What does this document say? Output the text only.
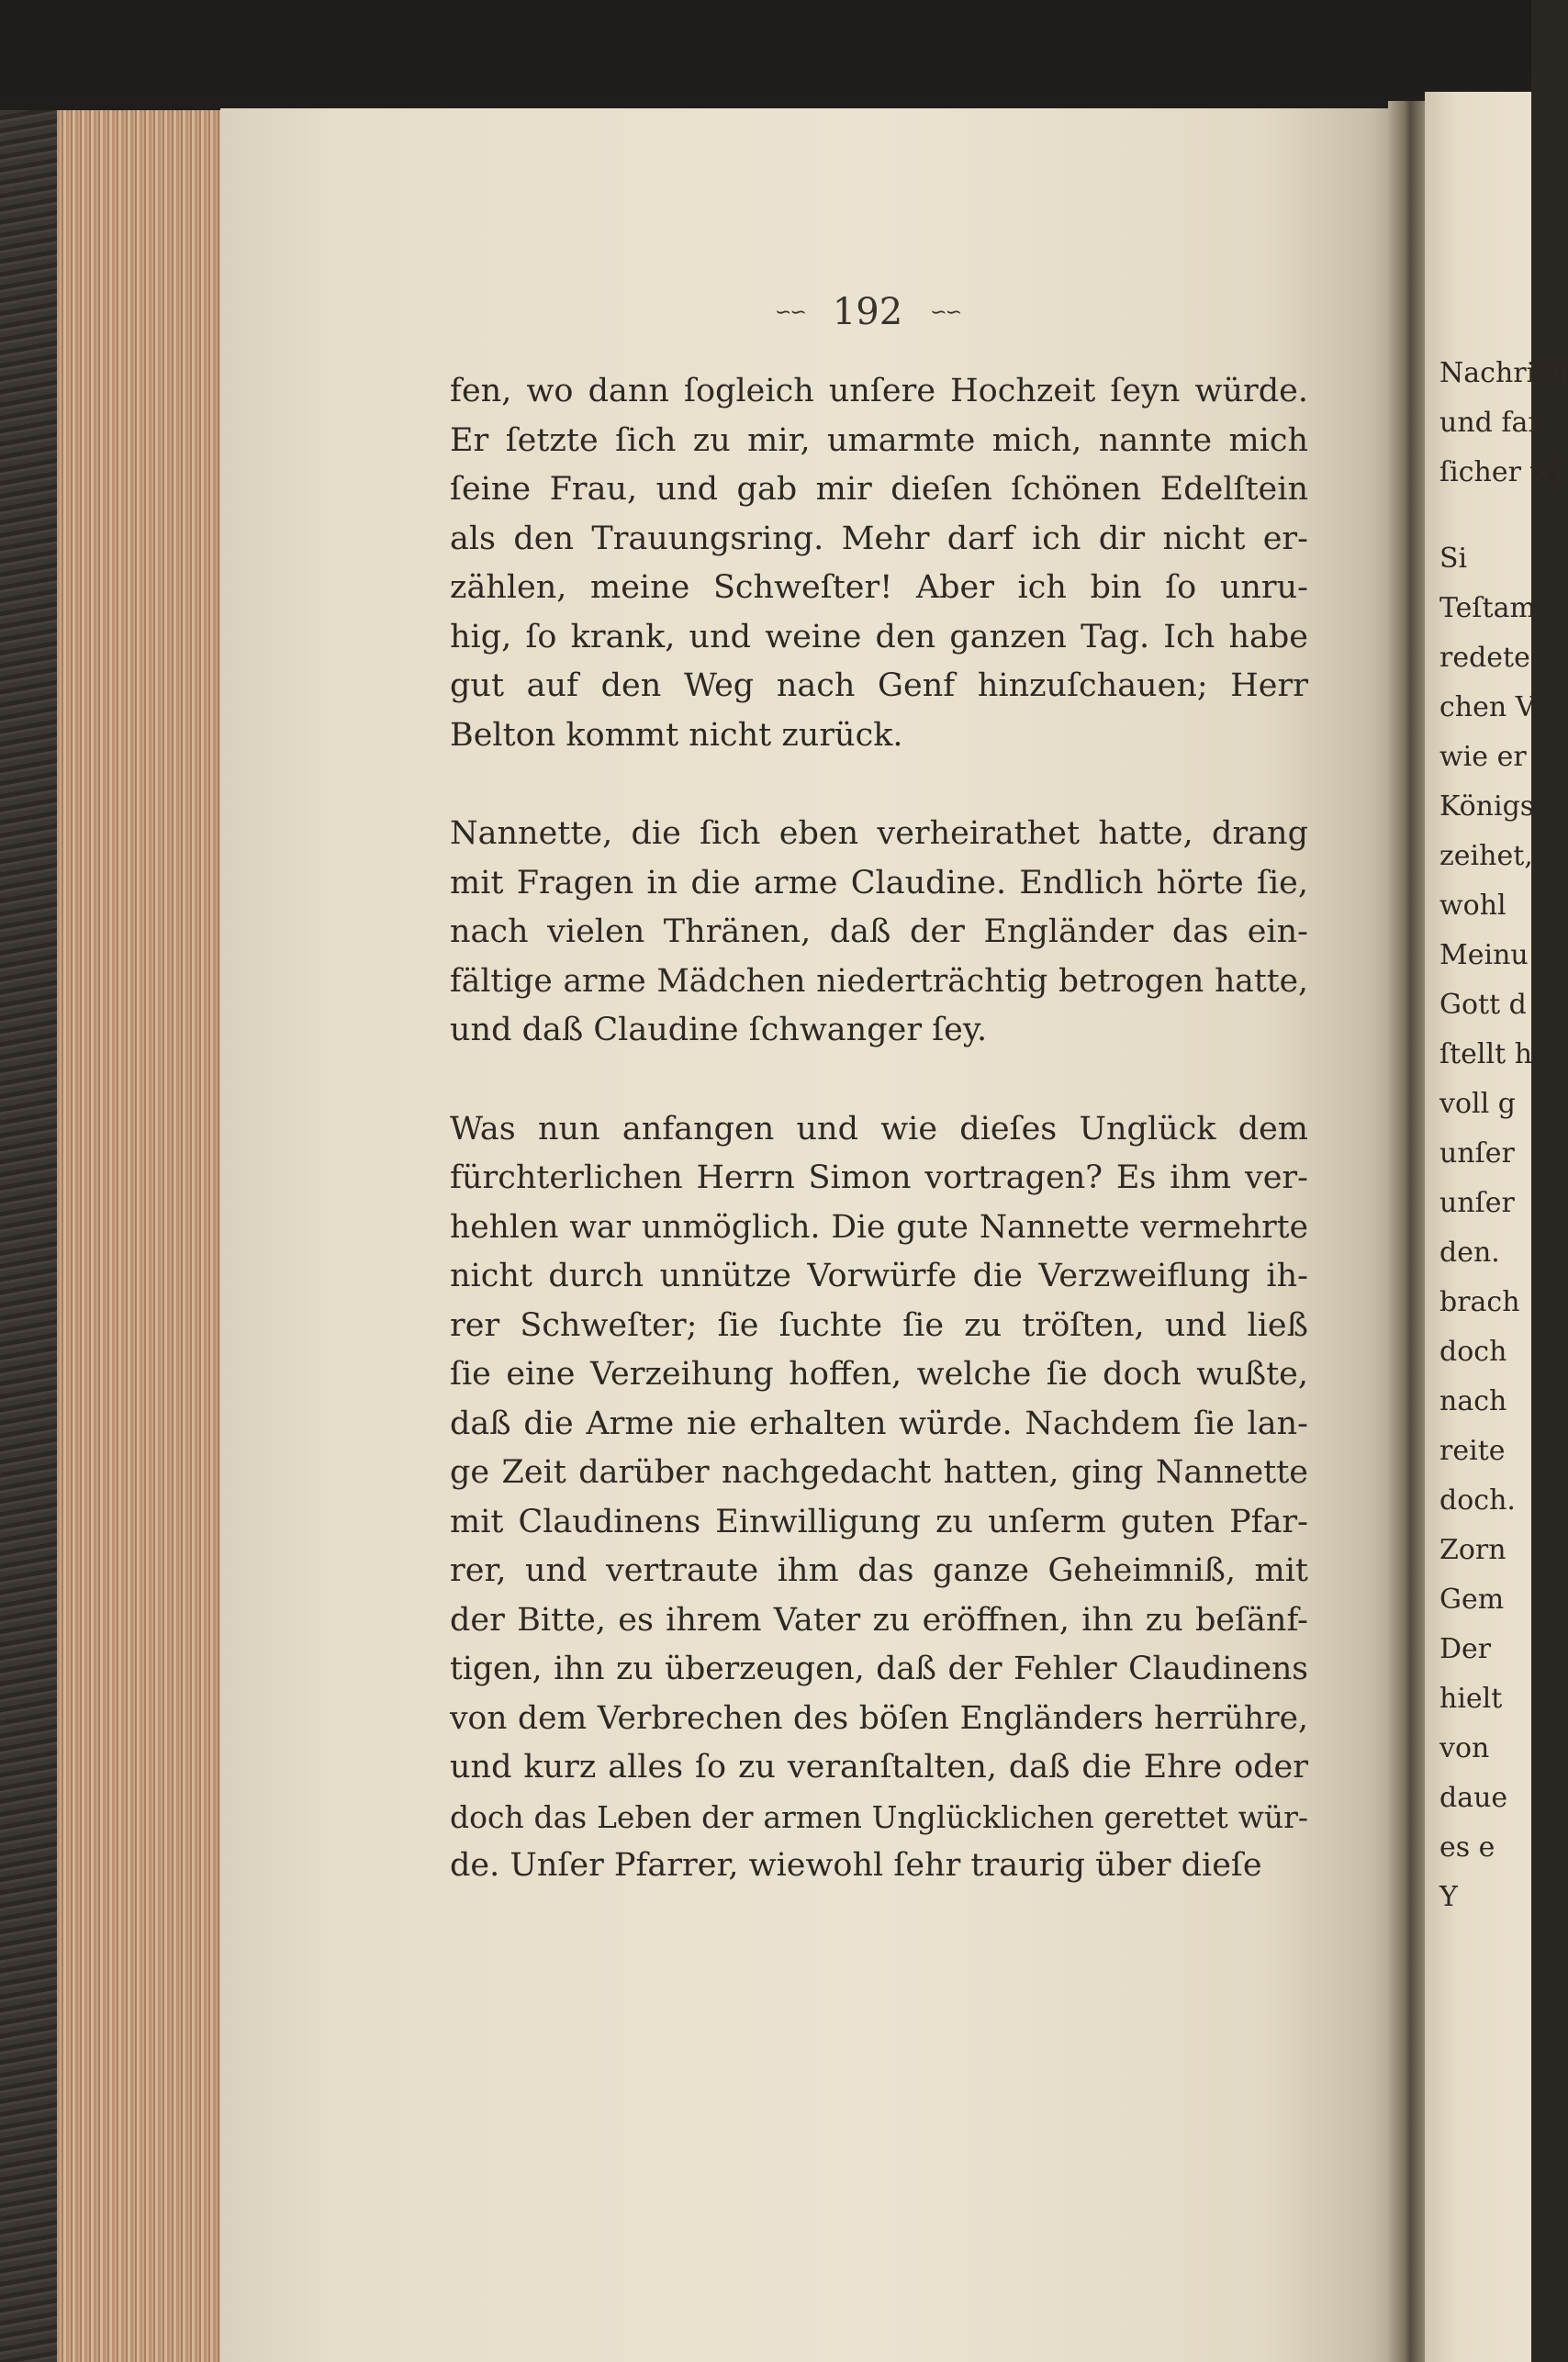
∽∽ 192 ∽∽
fen, wo dann ſogleich unſere Hochzeit ſeyn würde.
Er ſetzte ſich zu mir, umarmte mich, nannte mich
ſeine Frau, und gab mir dieſen ſchönen Edelſtein
als den Trauungsring. Mehr darf ich dir nicht er-
zählen, meine Schweſter! Aber ich bin ſo unru-
hig, ſo krank, und weine den ganzen Tag. Ich habe
gut auf den Weg nach Genf hinzuſchauen; Herr
Belton kommt nicht zurück.
Nannette, die ſich eben verheirathet hatte, drang
mit Fragen in die arme Claudine. Endlich hörte ſie,
nach vielen Thränen, daß der Engländer das ein-
fältige arme Mädchen niederträchtig betrogen hatte,
und daß Claudine ſchwanger ſey.
Was nun anfangen und wie dieſes Unglück dem
fürchterlichen Herrn Simon vortragen? Es ihm ver-
hehlen war unmöglich. Die gute Nannette vermehrte
nicht durch unnütze Vorwürfe die Verzweiflung ih-
rer Schweſter; ſie ſuchte ſie zu tröſten, und ließ
ſie eine Verzeihung hoffen, welche ſie doch wußte,
daß die Arme nie erhalten würde. Nachdem ſie lan-
ge Zeit darüber nachgedacht hatten, ging Nannette
mit Claudinens Einwilligung zu unſerm guten Pfar-
rer, und vertraute ihm das ganze Geheimniß, mit
der Bitte, es ihrem Vater zu eröffnen, ihn zu beſänf-
tigen, ihn zu überzeugen, daß der Fehler Claudinens
von dem Verbrechen des böſen Engländers herrühre,
und kurz alles ſo zu veranſtalten, daß die Ehre oder
doch das Leben der armen Unglücklichen gerettet wür-
de. Unſer Pfarrer, wiewohl ſehr traurig über dieſe
Nachrich
und fan
ſicher wi
Si
Teſtam
redete
chen V
wie er
Königs
zeihet,
wohl
Meinu
Gott d
ſtellt h
voll g
unſer
unſer
den.
brach
doch
nach
reite
doch.
Zorn
Gem
Der
hielt
von
daue
es e
Y
